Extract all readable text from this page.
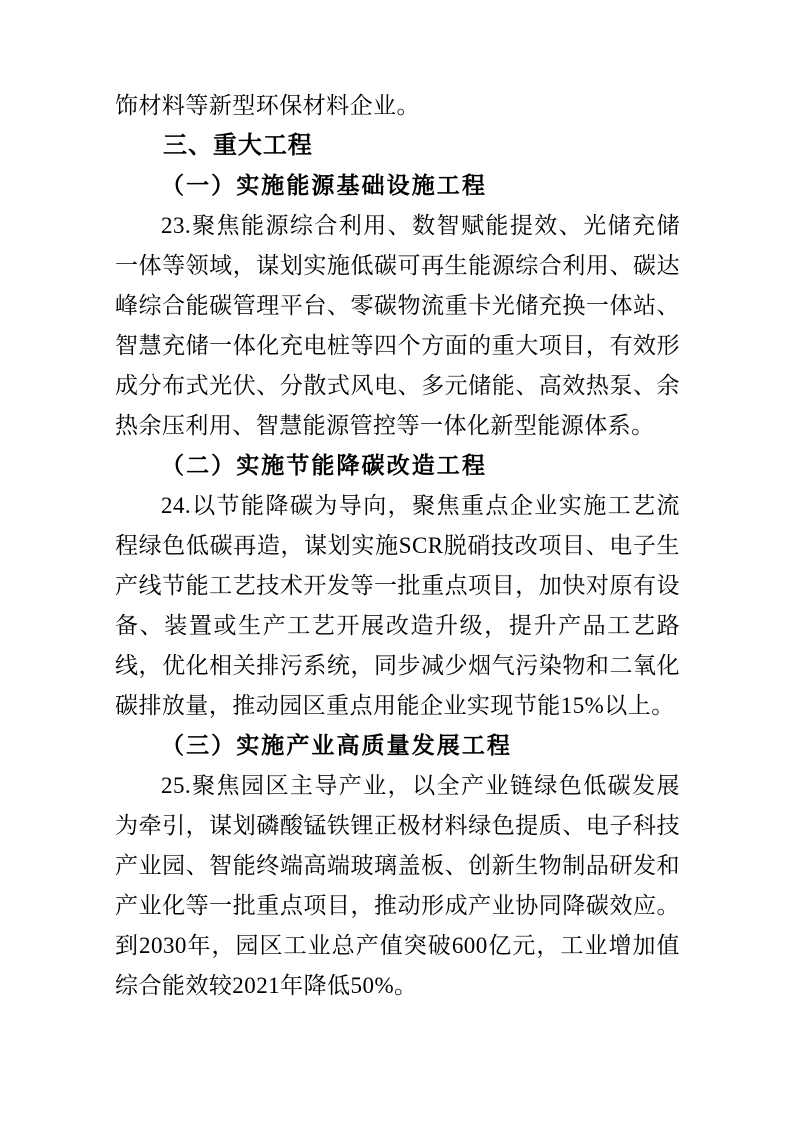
饰材料等新型环保材料企业。

三、重大工程
（一）实施能源基础设施工程

23.聚焦能源综合利用、数智赋能提效、光储充储一体等领域，谋划实施低碳可再生能源综合利用、碳达峰综合能碳管理平台、零碳物流重卡光储充换一体站、智慧充储一体化充电桩等四个方面的重大项目，有效形成分布式光伏、分散式风电、多元储能、高效热泵、余热余压利用、智慧能源管控等一体化新型能源体系。

（二）实施节能降碳改造工程

24.以节能降碳为导向，聚焦重点企业实施工艺流程绿色低碳再造，谋划实施SCR脱硝技改项目、电子生产线节能工艺技术开发等一批重点项目，加快对原有设备、装置或生产工艺开展改造升级，提升产品工艺路线，优化相关排污系统，同步减少烟气污染物和二氧化碳排放量，推动园区重点用能企业实现节能15%以上。

（三）实施产业高质量发展工程

25.聚焦园区主导产业，以全产业链绿色低碳发展为牵引，谋划磷酸锰铁锂正极材料绿色提质、电子科技产业园、智能终端高端玻璃盖板、创新生物制品研发和产业化等一批重点项目，推动形成产业协同降碳效应。到2030年，园区工业总产值突破600亿元，工业增加值综合能效较2021年降低50%。
